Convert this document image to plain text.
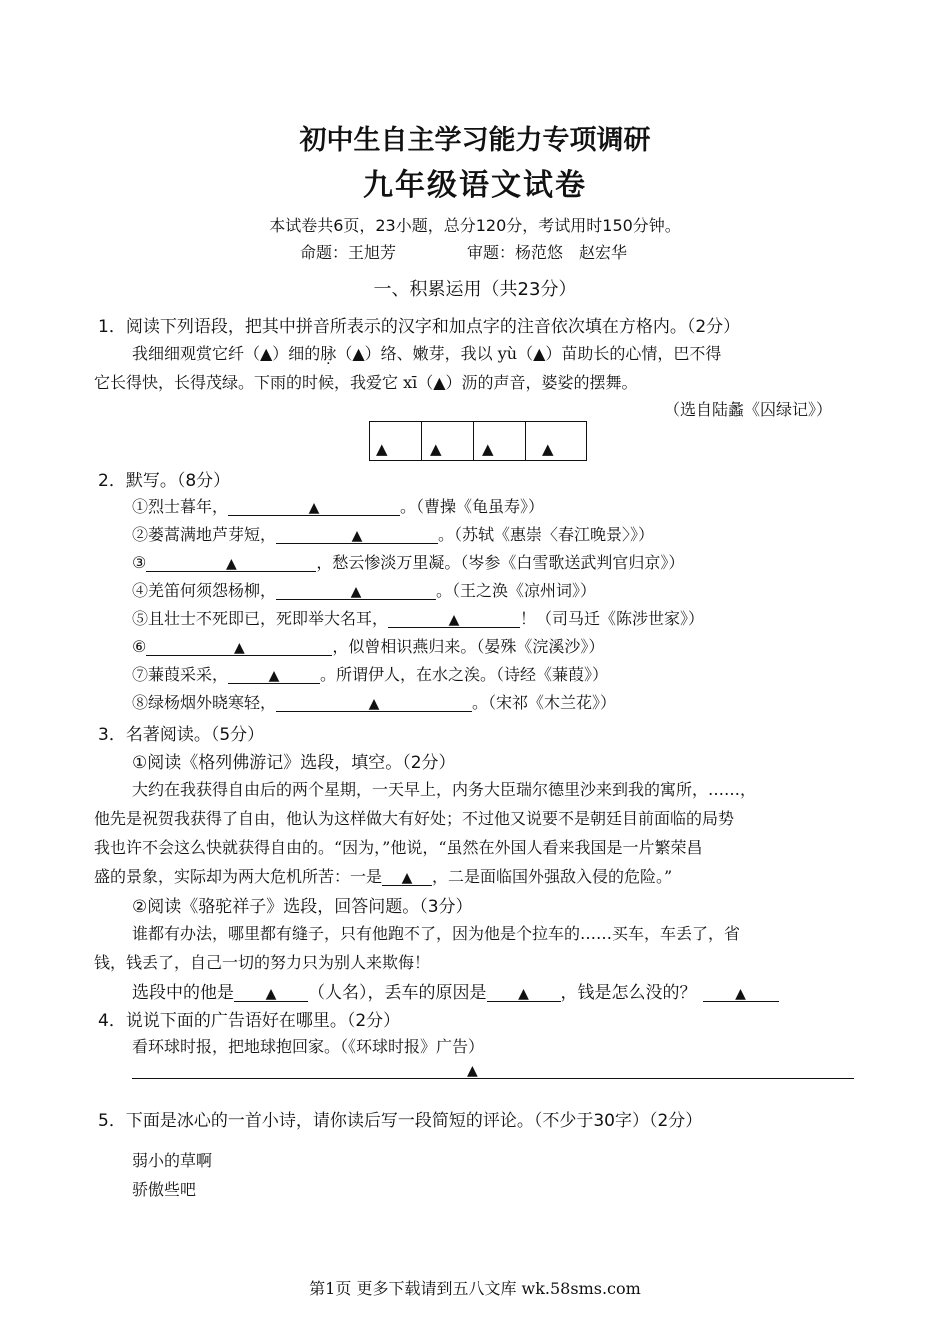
初中生自主学习能力专项调研
九年级语文试卷
本试卷共6页，23小题，总分120分，考试用时150分钟。
命题：王旭芳	审题：杨范悠　赵宏华
一、积累运用（共23分）
1．阅读下列语段，把其中拼音所表示的汉字和加点字的注音依次填在方格内。（2分）
我细细观赏它纤（▲）细的脉（▲）络、嫩芽，我以 yù（▲）苗助长的心情，巴不得
它长得快，长得茂绿。下雨的时候，我爱它 xī（▲）沥的声音，婆娑的摆舞。
（选自陆蠡《囚绿记》）
▲	▲	▲	▲
2．默写。（8分）
①烈士暮年，	▲	。（曹操《龟虽寿》）
②蒌蒿满地芦芽短，	▲	。（苏轼《惠崇〈春江晚景〉》）
③	▲	，愁云惨淡万里凝。（岑参《白雪歌送武判官归京》）
④羌笛何须怨杨柳，	▲	。（王之涣《凉州词》）
⑤且壮士不死即已，死即举大名耳，	▲	！（司马迁《陈涉世家》）
⑥	▲	，似曾相识燕归来。（晏殊《浣溪沙》）
⑦蒹葭采采，	▲	。所谓伊人，在水之涘。（诗经《蒹葭》）
⑧绿杨烟外晓寒轻，	▲	。（宋祁《木兰花》）
3．名著阅读。（5分）
①阅读《格列佛游记》选段，填空。（2分）
大约在我获得自由后的两个星期，一天早上，内务大臣瑞尔德里沙来到我的寓所，……，
他先是祝贺我获得了自由，他认为这样做大有好处；不过他又说要不是朝廷目前面临的局势
我也许不会这么快就获得自由的。“因为，”他说，“虽然在外国人看来我国是一片繁荣昌
盛的景象，实际却为两大危机所苦：一是 ▲ ，二是面临国外强敌入侵的危险。”
②阅读《骆驼祥子》选段，回答问题。（3分）
谁都有办法，哪里都有缝子，只有他跑不了，因为他是个拉车的……买车，车丢了，省
钱，钱丢了，自己一切的努力只为别人来欺侮！
选段中的他是 ▲ （人名），丢车的原因是 ▲ ，钱是怎么没的？	▲
4．说说下面的广告语好在哪里。（2分）
看环球时报，把地球抱回家。（《环球时报》广告）
▲
5．下面是冰心的一首小诗，请你读后写一段简短的评论。（不少于30字）（2分）
弱小的草啊
骄傲些吧
第1页 更多下载请到五八文库 wk.58sms.com
